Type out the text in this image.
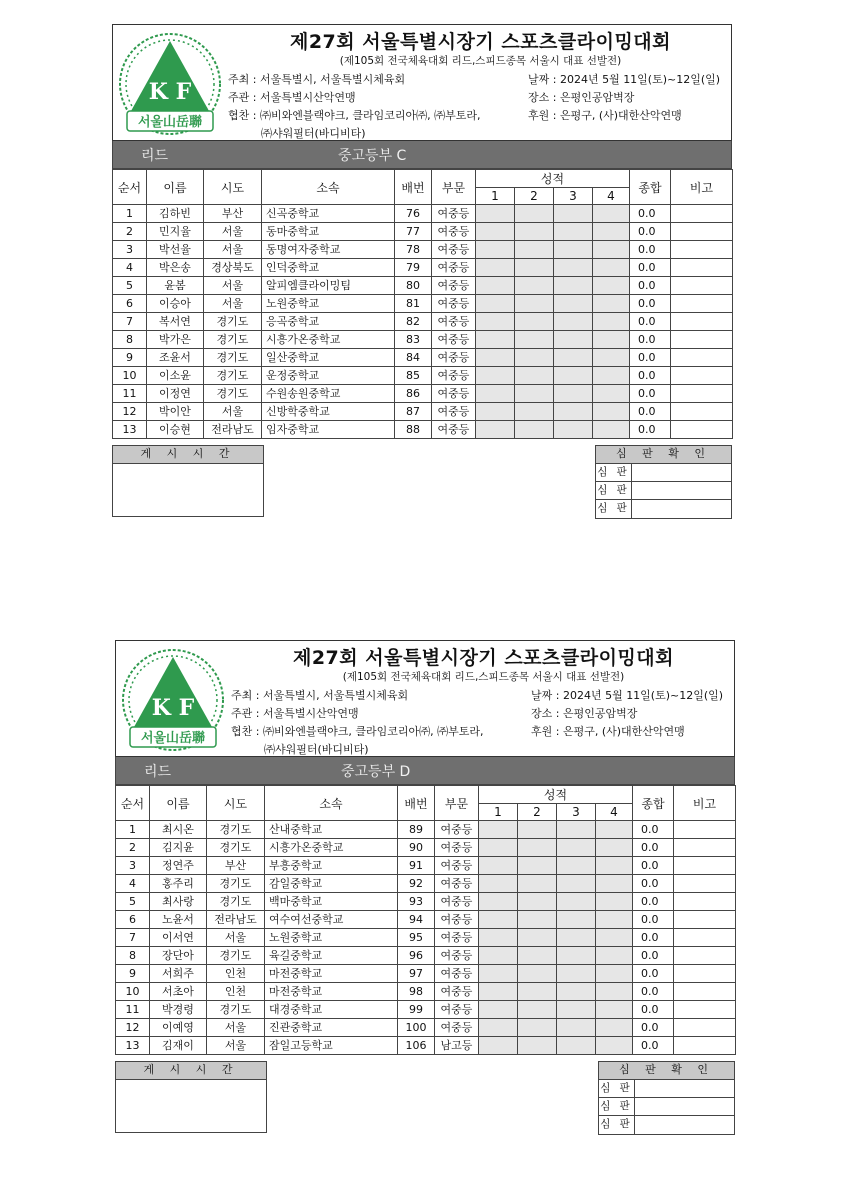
K F
서울山岳聯
제27회 서울특별시장기 스포츠클라이밍대회
(제105회 전국체육대회 리드,스피드종목 서울시 대표 선발전)
주최 : 서울특별시, 서울특별시체육회
주관 : 서울특별시산악연맹
협찬 : ㈜비와엔블랙야크, 클라임코리아㈜, ㈜부토라,
㈜샤워필터(바디비타)
날짜 : 2024년 5월 11일(토)~12일(일)
장소 : 은평인공암벽장
후원 : 은평구, (사)대한산악연맹
리드	중고등부 C
순서	이름	시도	소속	배번	부문	성적				종합	비고
						1	2	3	4		
1	김하빈	부산	신곡중학교	76	여중등					0.0	
2	민지율	서울	동마중학교	77	여중등					0.0	
3	박선율	서울	동명여자중학교	78	여중등					0.0	
4	박은송	경상북도	인덕중학교	79	여중등					0.0	
5	윤봄	서울	알피엠클라이밍팀	80	여중등					0.0	
6	이승아	서울	노원중학교	81	여중등					0.0	
7	복서연	경기도	응곡중학교	82	여중등					0.0	
8	박가은	경기도	시흥가온중학교	83	여중등					0.0	
9	조윤서	경기도	일산중학교	84	여중등					0.0	
10	이소윤	경기도	운정중학교	85	여중등					0.0	
11	이정연	경기도	수원송원중학교	86	여중등					0.0	
12	박이안	서울	신방학중학교	87	여중등					0.0	
13	이승현	전라남도	임자중학교	88	여중등					0.0	
게 시 시 간	심 판 확 인
심 판
심 판
심 판
K F
서울山岳聯
제27회 서울특별시장기 스포츠클라이밍대회
(제105회 전국체육대회 리드,스피드종목 서울시 대표 선발전)
주최 : 서울특별시, 서울특별시체육회
주관 : 서울특별시산악연맹
협찬 : ㈜비와엔블랙야크, 클라임코리아㈜, ㈜부토라,
㈜샤워필터(바디비타)
날짜 : 2024년 5월 11일(토)~12일(일)
장소 : 은평인공암벽장
후원 : 은평구, (사)대한산악연맹
리드	중고등부 D
순서	이름	시도	소속	배번	부문	성적				종합	비고
						1	2	3	4		
1	최시온	경기도	산내중학교	89	여중등					0.0	
2	김지윤	경기도	시흥가온중학교	90	여중등					0.0	
3	정연주	부산	부흥중학교	91	여중등					0.0	
4	홍주리	경기도	감일중학교	92	여중등					0.0	
5	최사랑	경기도	백마중학교	93	여중등					0.0	
6	노윤서	전라남도	여수여선중학교	94	여중등					0.0	
7	이서연	서울	노원중학교	95	여중등					0.0	
8	장단아	경기도	육길중학교	96	여중등					0.0	
9	서희주	인천	마전중학교	97	여중등					0.0	
10	서초아	인천	마전중학교	98	여중등					0.0	
11	박경령	경기도	대경중학교	99	여중등					0.0	
12	이예영	서울	진관중학교	100	여중등					0.0	
13	김재이	서울	잠일고등학교	106	남고등					0.0	
게 시 시 간	심 판 확 인
심 판
심 판
심 판
